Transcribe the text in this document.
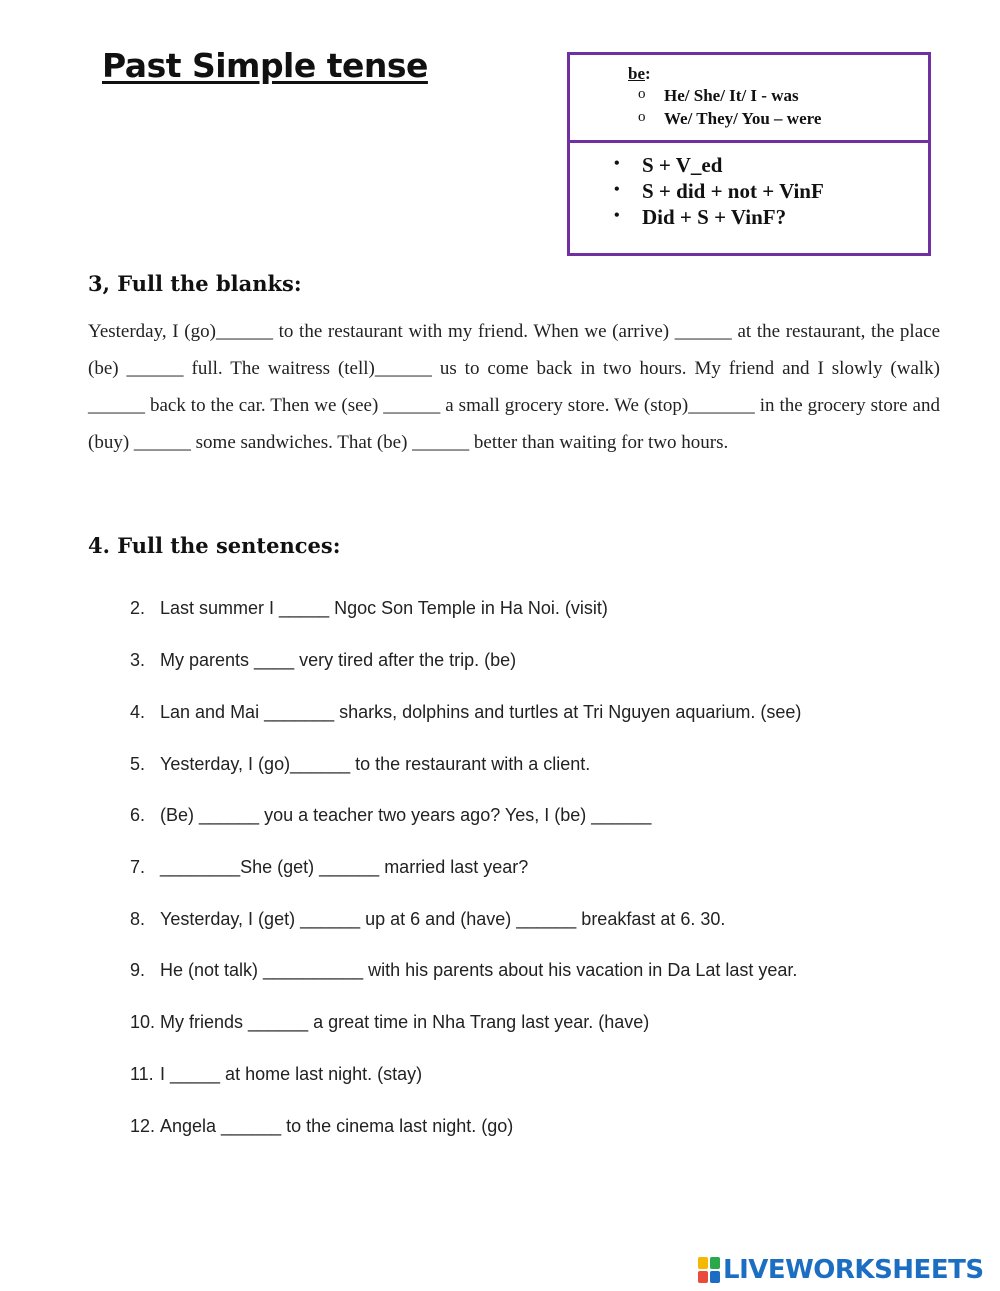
Past Simple tense	be:
o He/ She/ It/ I - was
o We/ They/ You – were
• S + V_ed
• S + did + not + VinF
• Did + S + VinF?
3, Full the blanks:
Yesterday, I (go)______ to the restaurant with my friend. When we (arrive) ______ at the restaurant, the place (be) ______ full. The waitress (tell)______ us to come back in two hours. My friend and I slowly (walk) ______ back to the car. Then we (see) ______ a small grocery store. We (stop)_______ in the grocery store and (buy) ______ some sandwiches. That (be) ______ better than waiting for two hours.
4. Full the sentences:
2. Last summer I _____ Ngoc Son Temple in Ha Noi. (visit)
3. My parents ____ very tired after the trip. (be)
4. Lan and Mai _______ sharks, dolphins and turtles at Tri Nguyen aquarium. (see)
5. Yesterday, I (go)______ to the restaurant with a client.
6. (Be) ______ you a teacher two years ago? Yes, I (be) ______
7. ________She (get) ______ married last year?
8. Yesterday, I (get) ______ up at 6 and (have) ______ breakfast at 6. 30.
9. He (not talk) __________ with his parents about his vacation in Da Lat last year.
10. My friends ______ a great time in Nha Trang last year. (have)
11. I _____ at home last night. (stay)
12. Angela ______ to the cinema last night. (go)
LIVEWORKSHEETS
